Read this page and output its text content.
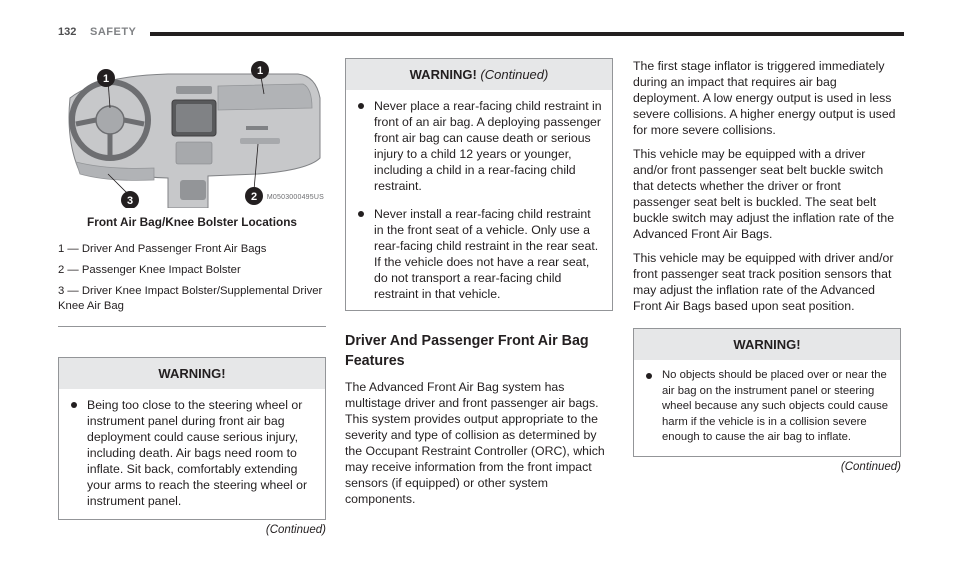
132 SAFETY
1
1
2
3	M0503000495US
Front Air Bag/Knee Bolster Locations

1 — Driver And Passenger Front Air Bags

2 — Passenger Knee Impact Bolster

3 — Driver Knee Impact Bolster/Supplemental Driver Knee Air Bag

WARNING!

Being too close to the steering wheel or instrument panel during front air bag deployment could cause serious injury, including death. Air bags need room to inflate. Sit back, comfortably extending your arms to reach the steering wheel or instrument panel.

(Continued)
WARNING! (Continued)

Never place a rear-facing child restraint in front of an air bag. A deploying passenger front air bag can cause death or serious injury to a child 12 years or younger, including a child in a rear-facing child restraint.

Never install a rear-facing child restraint in the front seat of a vehicle. Only use a rear-facing child restraint in the rear seat. If the vehicle does not have a rear seat, do not transport a rear-facing child restraint in that vehicle.

Driver And Passenger Front Air Bag Features

The Advanced Front Air Bag system has multistage driver and front passenger air bags. This system provides output appropriate to the severity and type of collision as determined by the Occupant Restraint Controller (ORC), which may receive information from the front impact sensors (if equipped) or other system components.

The first stage inflator is triggered immediately during an impact that requires air bag deployment. A low energy output is used in less severe collisions. A higher energy output is used for more severe collisions.

This vehicle may be equipped with a driver and/or front passenger seat belt buckle switch that detects whether the driver or front passenger seat belt is buckled. The seat belt buckle switch may adjust the inflation rate of the Advanced Front Air Bags.

This vehicle may be equipped with driver and/or front passenger seat track position sensors that may adjust the inflation rate of the Advanced Front Air Bags based upon seat position.

WARNING!

No objects should be placed over or near the air bag on the instrument panel or steering wheel because any such objects could cause harm if the vehicle is in a collision severe enough to cause the air bag to inflate.

(Continued)
